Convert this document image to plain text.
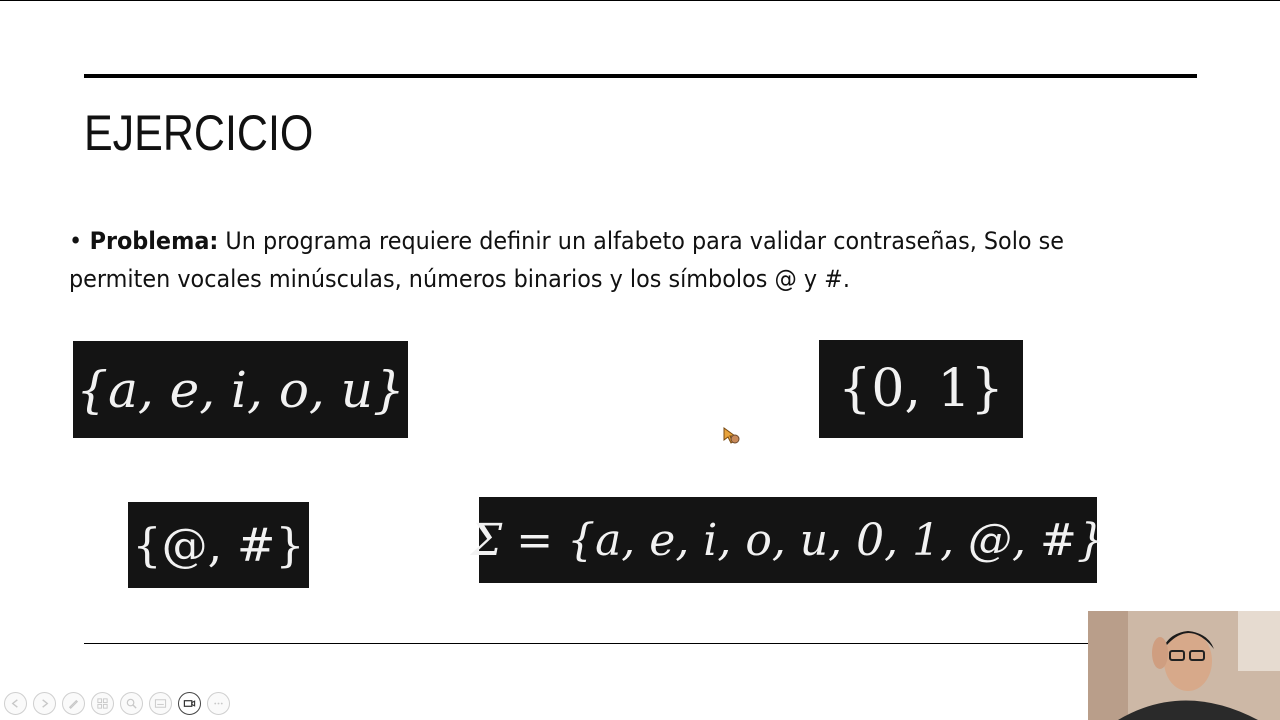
EJERCICIO
• Problema: Un programa requiere definir un alfabeto para validar contraseñas, Solo se permiten vocales minúsculas, números binarios y los símbolos @ y #.
{a, e, i, o, u}	{0, 1}
{@, #}	Σ = {a, e, i, o, u, 0, 1, @, #}
